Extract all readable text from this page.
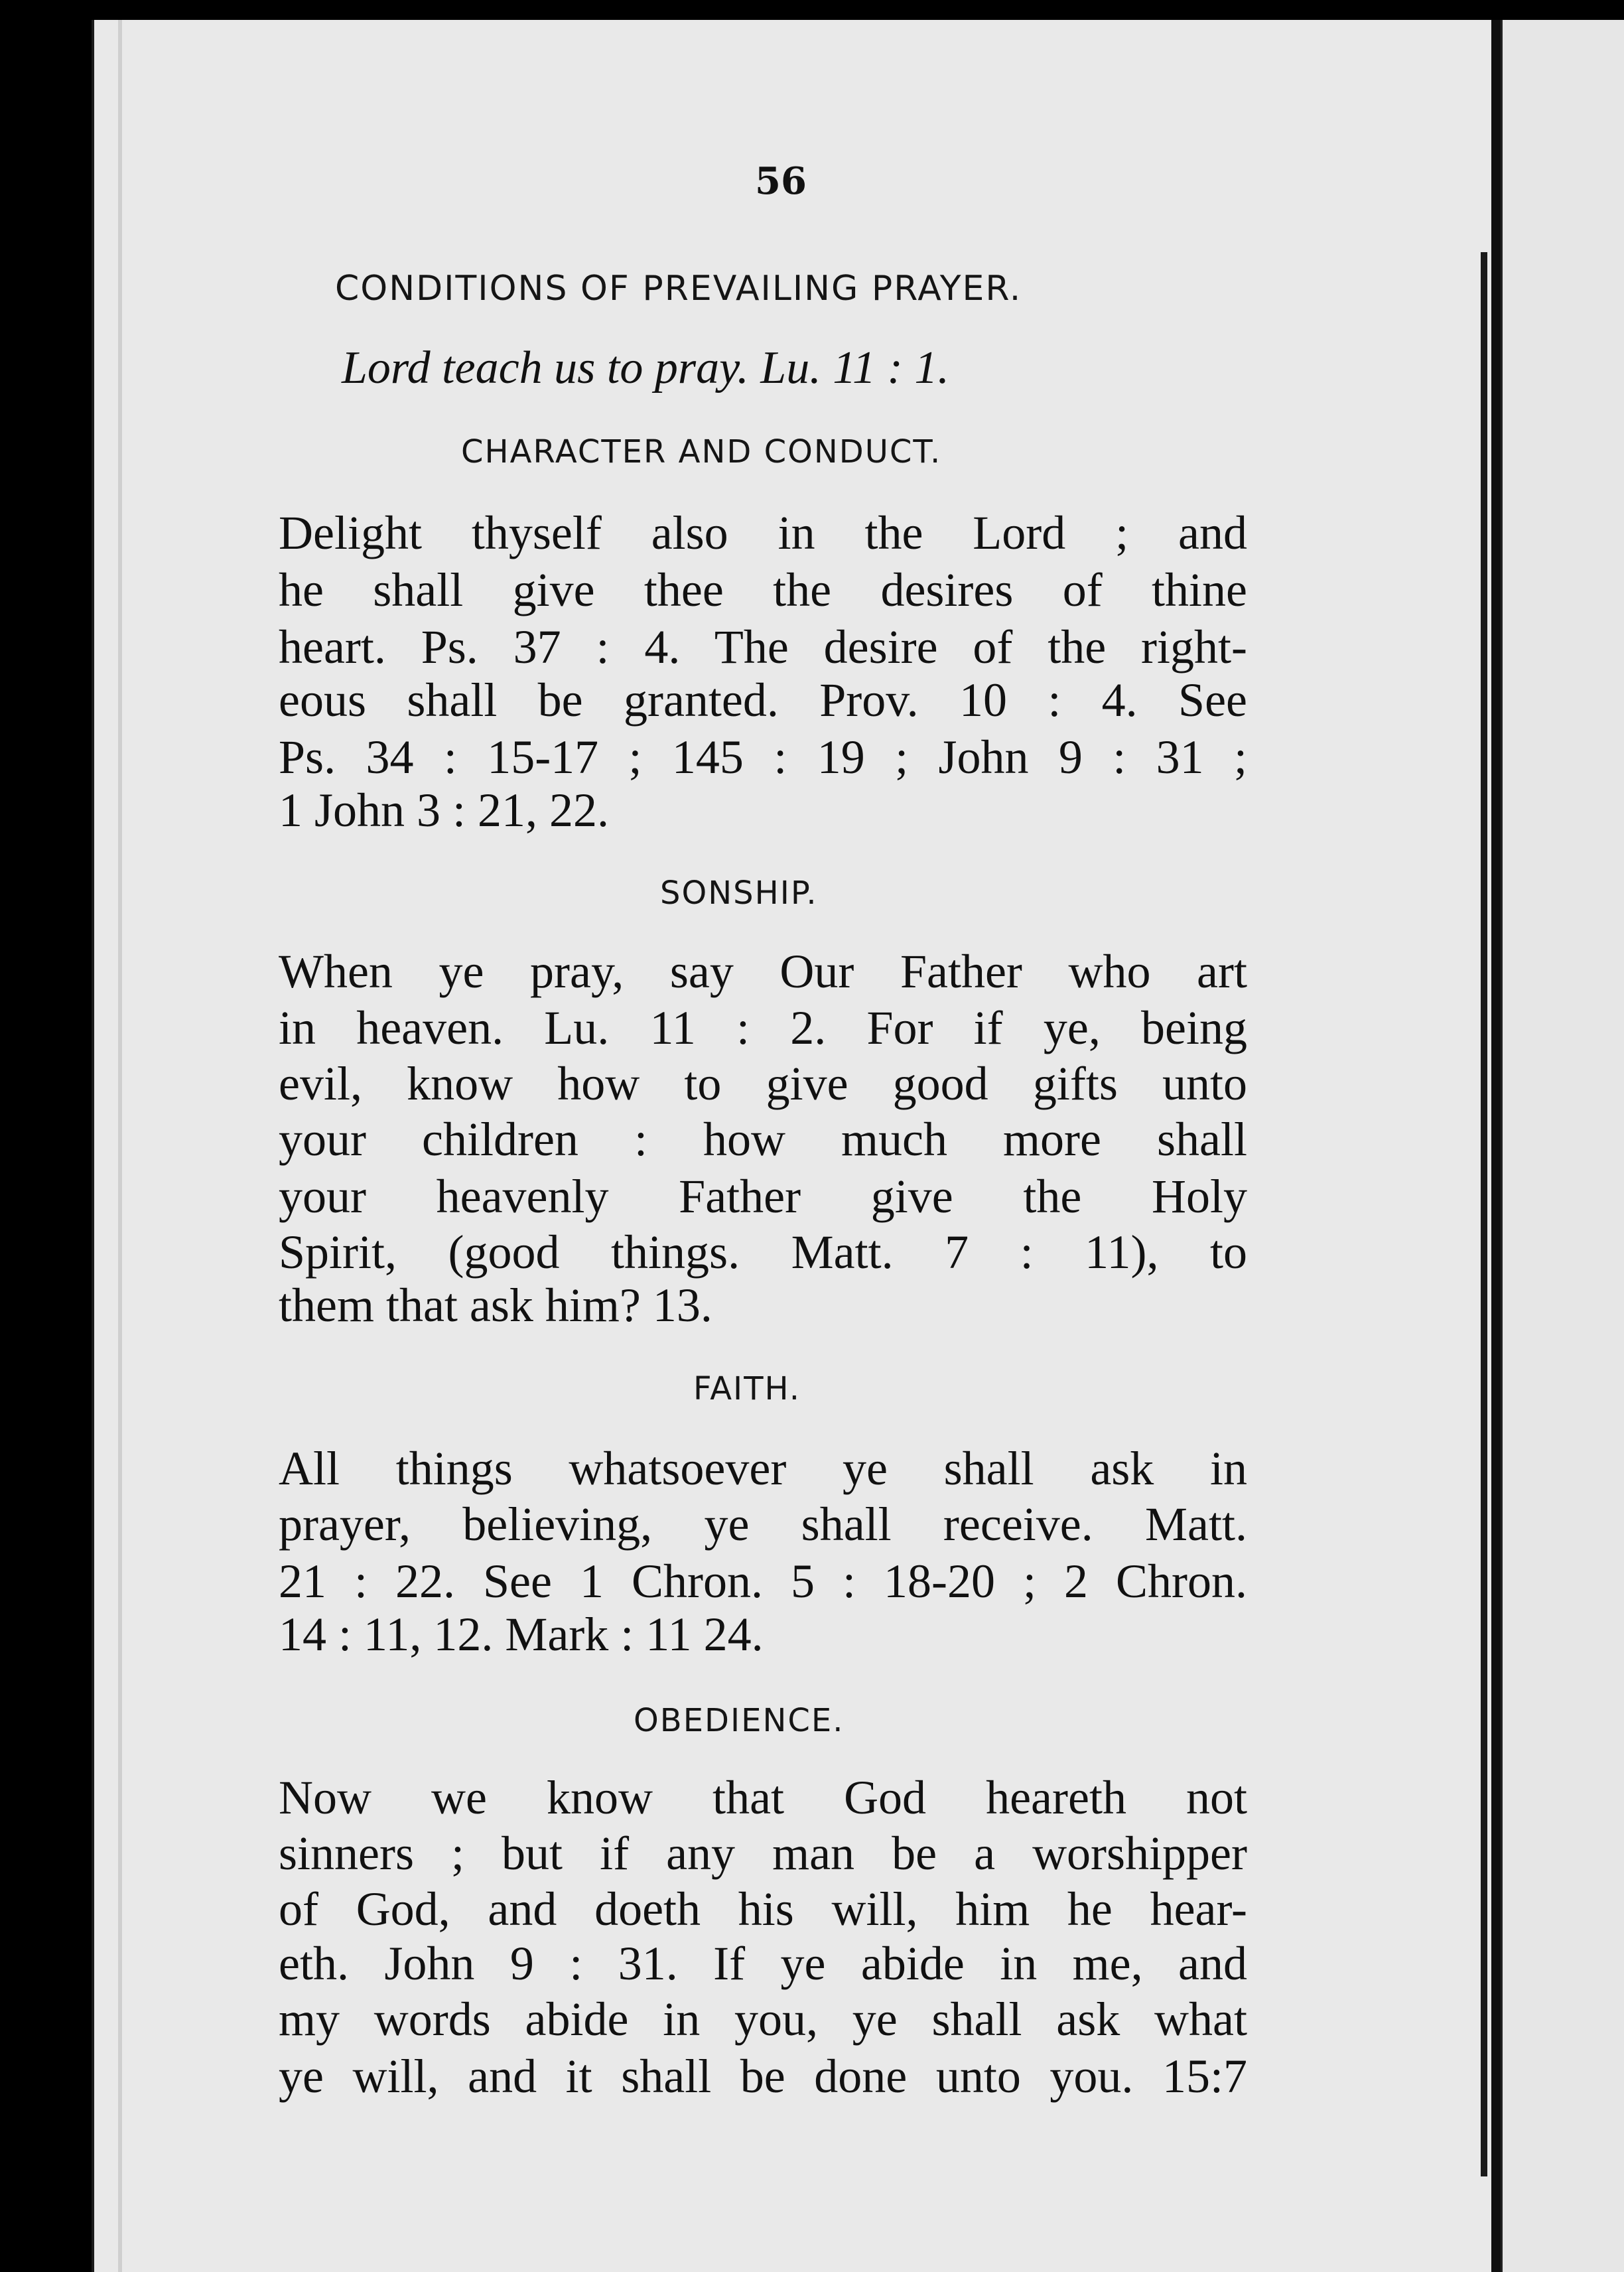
56
CONDITIONS OF PREVAILING PRAYER.
Lord teach us to pray. Lu. 11 : 1.
CHARACTER AND CONDUCT.
Delight thyself also in the Lord ; and
he shall give thee the desires of thine
heart. Ps. 37 : 4. The desire of the right-
eous shall be granted. Prov. 10 : 4. See
Ps. 34 : 15-17 ; 145 : 19 ; John 9 : 31 ;
1 John 3 : 21, 22.
SONSHIP.
When ye pray, say Our Father who art
in heaven. Lu. 11 : 2. For if ye, being
evil, know how to give good gifts unto
your children : how much more shall
your heavenly Father give the Holy
Spirit, (good things. Matt. 7 : 11), to
them that ask him? 13.
FAITH.
All things whatsoever ye shall ask in
prayer, believing, ye shall receive. Matt.
21 : 22. See 1 Chron. 5 : 18-20 ; 2 Chron.
14 : 11, 12. Mark : 11 24.
OBEDIENCE.
Now we know that God heareth not
sinners ; but if any man be a worshipper
of God, and doeth his will, him he hear-
eth. John 9 : 31. If ye abide in me, and
my words abide in you, ye shall ask what
ye will, and it shall be done unto you. 15:7
